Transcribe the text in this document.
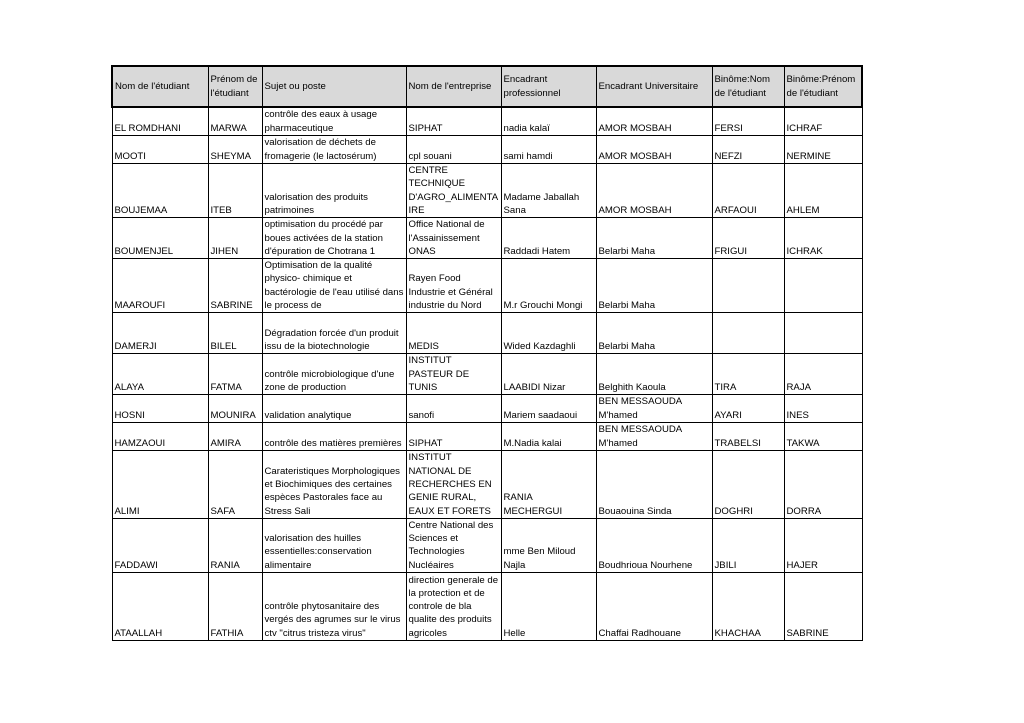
Nom de l'étudiant	Prénom de l'étudiant	Sujet ou poste	Nom de l'entreprise	Encadrant professionnel	Encadrant Universitaire	Binôme:Nom de l'étudiant	Binôme:Prénom de l'étudiant

EL ROMDHANI	MARWA	contrôle des eaux à usage pharmaceutique	SIPHAT	nadia kalaï	AMOR MOSBAH	FERSI	ICHRAF

MOOTI	SHEYMA	valorisation de déchets de fromagerie (le lactosérum)	cpl souani	sami hamdi	AMOR MOSBAH	NEFZI	NERMINE

BOUJEMAA	ITEB	valorisation des produits patrimoines	CENTRE TECHNIQUE D'AGRO_ALIMENTAIRE	Madame Jaballah Sana	AMOR MOSBAH	ARFAOUI	AHLEM

BOUMENJEL	JIHEN	optimisation du procédé par boues activées de la station d'épuration de Chotrana 1	Office National de l'Assainissement ONAS	Raddadi Hatem	Belarbi Maha	FRIGUI	ICHRAK

MAAROUFI	SABRINE	Optimisation de la qualité physico- chimique et bactérologie de l'eau utilisé dans le process de	Rayen Food Industrie et Général industrie du Nord	M.r Grouchi Mongi	Belarbi Maha		

DAMERJI	BILEL	Dégradation forcée d'un produit issu de la biotechnologie	MEDIS	Wided Kazdaghli	Belarbi Maha		

ALAYA	FATMA	contrôle microbiologique d'une zone de production	INSTITUT PASTEUR DE TUNIS	LAABIDI Nizar	Belghith Kaoula	TIRA	RAJA

HOSNI	MOUNIRA	validation analytique	sanofi	Mariem saadaoui	BEN MESSAOUDA M'hamed	AYARI	INES

HAMZAOUI	AMIRA	contrôle des matières premières	SIPHAT	M.Nadia kalai	BEN MESSAOUDA M'hamed	TRABELSI	TAKWA

ALIMI	SAFA	Carateristiques Morphologiques et Biochimiques des certaines espèces Pastorales face au Stress Sali	INSTITUT NATIONAL DE RECHERCHES EN GENIE RURAL, EAUX ET FORETS	RANIA MECHERGUI	Bouaouina Sinda	DOGHRI	DORRA

FADDAWI	RANIA	valorisation des huilles essentielles:conservation alimentaire	Centre National des Sciences et Technologies Nucléaires	mme Ben Miloud Najla	Boudhrioua Nourhene	JBILI	HAJER

ATAALLAH	FATHIA	contrôle phytosanitaire des vergés des agrumes sur le virus ctv "citrus tristeza virus"	direction generale de la protection et de controle de bla qualite des produits agricoles	Helle	Chaffai Radhouane	KHACHAA	SABRINE
